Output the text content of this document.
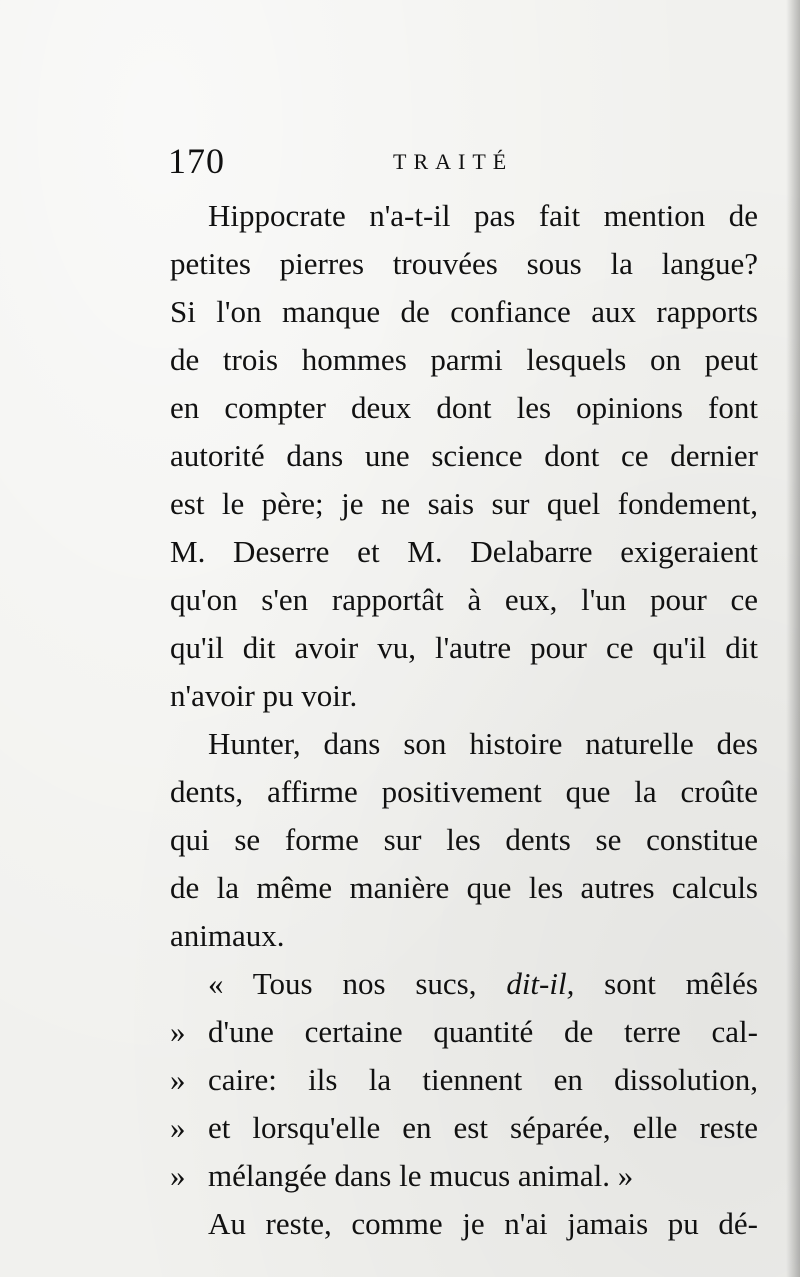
170	TRAITÉ

Hippocrate n'a-t-il pas fait mention de

petites pierres trouvées sous la langue?

Si l'on manque de confiance aux rapports

de trois hommes parmi lesquels on peut

en compter deux dont les opinions font

autorité dans une science dont ce dernier

est le père; je ne sais sur quel fondement,

M. Deserre et M. Delabarre exigeraient

qu'on s'en rapportât à eux, l'un pour ce

qu'il dit avoir vu, l'autre pour ce qu'il dit

n'avoir pu voir.

Hunter, dans son histoire naturelle des

dents, affirme positivement que la croûte

qui se forme sur les dents se constitue

de la même manière que les autres calculs

animaux.

« Tous nos sucs, dit-il, sont mêlés

» d'une certaine quantité de terre cal-

» caire: ils la tiennent en dissolution,

» et lorsqu'elle en est séparée, elle reste

» mélangée dans le mucus animal. »

Au reste, comme je n'ai jamais pu dé-
